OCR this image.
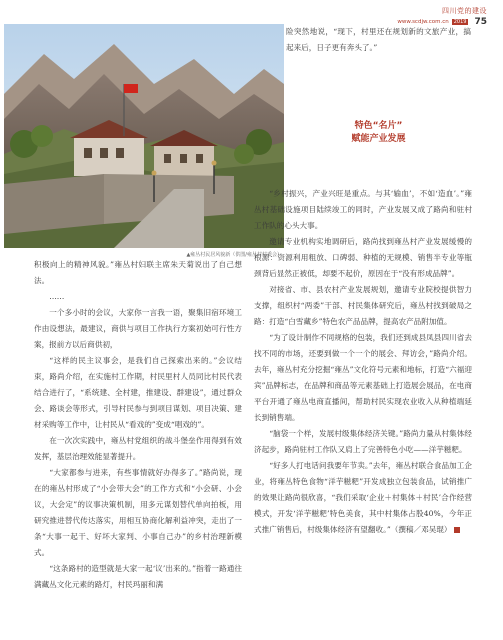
四川党的建设
www.scdjw.com.cn	2019 75
▲雍丛村民居风貌新（供图/雍丛村村委会）

险突然地说，“现下，村里还在规划新的文旅产业，搞起来后，日子更有奔头了。”

特色“名片”
赋能产业发展

“乡村振兴，产业兴旺是重点。与其‘输血’，不如‘造血’。”雍丛村基础设施项目陆续竣工的同时，产业发展又成了路尚和驻村工作队的心头大事。

邀请专业机构实地调研后，路尚找到雍丛村产业发展缓慢的根源：资源利用粗放、口碑弱、种植的无规模、销售半专业等瓶颈背后显然正被低，却要不起价，原因在于“没有形成品牌”。

对接省、市、县农村产业发展规划，邀请专业院校提供智力支撑，组织村“两委”干部、村民集体研究后，雍丛村找到破局之路：打造“白雪藏乡”特色农产品品牌，提高农产品附加值。

“为了设计制作不同规格的包装，我们还到成县凤县四川省去找不同的市场，还要到做一个一个的展会、拜访会，”路尚介绍。去年，雍丛村充分挖掘“雍丛”文化符号元素和地标，打造“六福迎宾”品牌标志，在品牌和商品等元素基础上打造展会展品，在电商平台开通了雍丛电商直播间，帮助村民实现农业收入从种植端延长到销售端。

“脑袋一个样，发展村级集体经济关键。”路尚力量从村集体经济起步，路尚驻村工作队又肩上了完善特色小吃——洋芋糍粑。

“好多人打电话问我要年节卖。”去年，雍丛村联合食品加工企业，将雍丛特色食物“洋芋糍粑”开发成独立包装食品，试销推广的效果让路尚很欣喜，“我们采取‘企业＋村集体＋村民’合作经营模式，开发‘洋芋糍粑’特色美食，其中村集体占股40%，今年正式推广销售后，村级集体经济有望翻收。”（撰稿／邓吴琨）

积极向上的精神风貌。”雍丛村妇联主席朱天菊说出了自己想法。

……

一个多小时的会议，大家你一言我一语，聚集旧宿环境工作由设想法，最建议，商供与项目工作执行方案初始可行性方案，报前方以后商供初，

“这样的民主议事会，是我们自己探索出来的。”会议结束，路尚介绍，在实施村工作期，村民里村人员同比村民代表结合进行了，“系统建、全村建，推建设、群建设”，通过群众会、路谈会等形式，引导村民参与到项目谋划、项目决策、建材采购等工作中，让村民从“看戏的”变成“唱戏的”。

在一次次实践中，雍丛村党组织的战斗堡垒作用得到有效发挥，基层治理效能显著提升。

“大家都参与进来，有些事情就好办得多了。”路尚说，现在的雍丛村形成了“小会带大会”的工作方式和“小会研、小会议，大会定”的议事决策机制，用多元谋划替代单向拍板，用研究推进替代传达落实，用相互协商化解利益冲突，走出了一条“大事一起干、好坏大家判、小事自己办”的乡村治理新模式。

“这条路村的造型就是大家一起‘议’出来的。”指着一路通往满藏丛文化元素的路灯，村民玛丽和满
